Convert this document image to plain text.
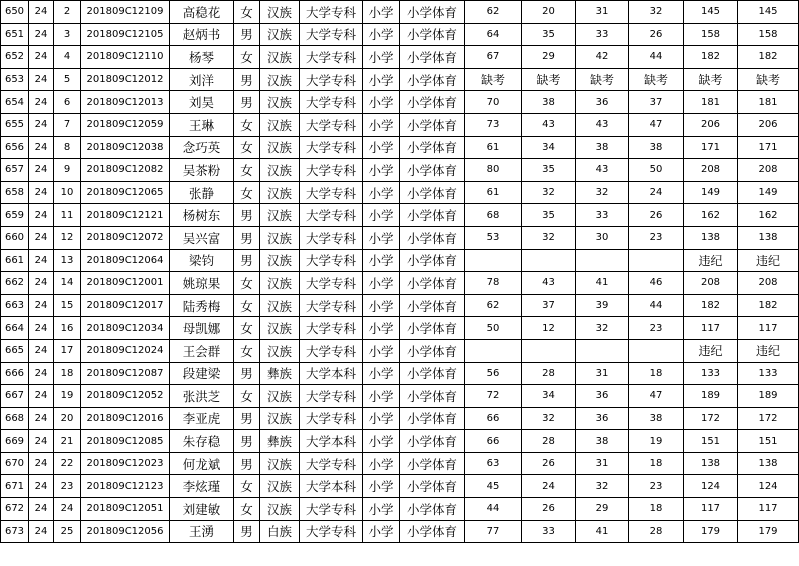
650	24	2	201809C12109	高稳花	女	汉族	大学专科	小学	小学体育	62	20	31	32	145	145
651	24	3	201809C12105	赵炳书	男	汉族	大学专科	小学	小学体育	64	35	33	26	158	158
652	24	4	201809C12110	杨琴	女	汉族	大学专科	小学	小学体育	67	29	42	44	182	182
653	24	5	201809C12012	刘洋	男	汉族	大学专科	小学	小学体育	缺考	缺考	缺考	缺考	缺考	缺考
654	24	6	201809C12013	刘昊	男	汉族	大学专科	小学	小学体育	70	38	36	37	181	181
655	24	7	201809C12059	王琳	女	汉族	大学专科	小学	小学体育	73	43	43	47	206	206
656	24	8	201809C12038	念巧英	女	汉族	大学专科	小学	小学体育	61	34	38	38	171	171
657	24	9	201809C12082	吴茶粉	女	汉族	大学专科	小学	小学体育	80	35	43	50	208	208
658	24	10	201809C12065	张静	女	汉族	大学专科	小学	小学体育	61	32	32	24	149	149
659	24	11	201809C12121	杨树东	男	汉族	大学专科	小学	小学体育	68	35	33	26	162	162
660	24	12	201809C12072	吴兴富	男	汉族	大学专科	小学	小学体育	53	32	30	23	138	138
661	24	13	201809C12064	梁钧	男	汉族	大学专科	小学	小学体育					违纪	违纪
662	24	14	201809C12001	姚琼果	女	汉族	大学专科	小学	小学体育	78	43	41	46	208	208
663	24	15	201809C12017	陆秀梅	女	汉族	大学专科	小学	小学体育	62	37	39	44	182	182
664	24	16	201809C12034	母凯娜	女	汉族	大学专科	小学	小学体育	50	12	32	23	117	117
665	24	17	201809C12024	王会群	女	汉族	大学专科	小学	小学体育					违纪	违纪
666	24	18	201809C12087	段建梁	男	彝族	大学本科	小学	小学体育	56	28	31	18	133	133
667	24	19	201809C12052	张洪芝	女	汉族	大学专科	小学	小学体育	72	34	36	47	189	189
668	24	20	201809C12016	李亚虎	男	汉族	大学专科	小学	小学体育	66	32	36	38	172	172
669	24	21	201809C12085	朱存稳	男	彝族	大学本科	小学	小学体育	66	28	38	19	151	151
670	24	22	201809C12023	何龙斌	男	汉族	大学专科	小学	小学体育	63	26	31	18	138	138
671	24	23	201809C12123	李炫瑾	女	汉族	大学本科	小学	小学体育	45	24	32	23	124	124
672	24	24	201809C12051	刘建敏	女	汉族	大学专科	小学	小学体育	44	26	29	18	117	117
673	24	25	201809C12056	王湧	男	白族	大学专科	小学	小学体育	77	33	41	28	179	179
